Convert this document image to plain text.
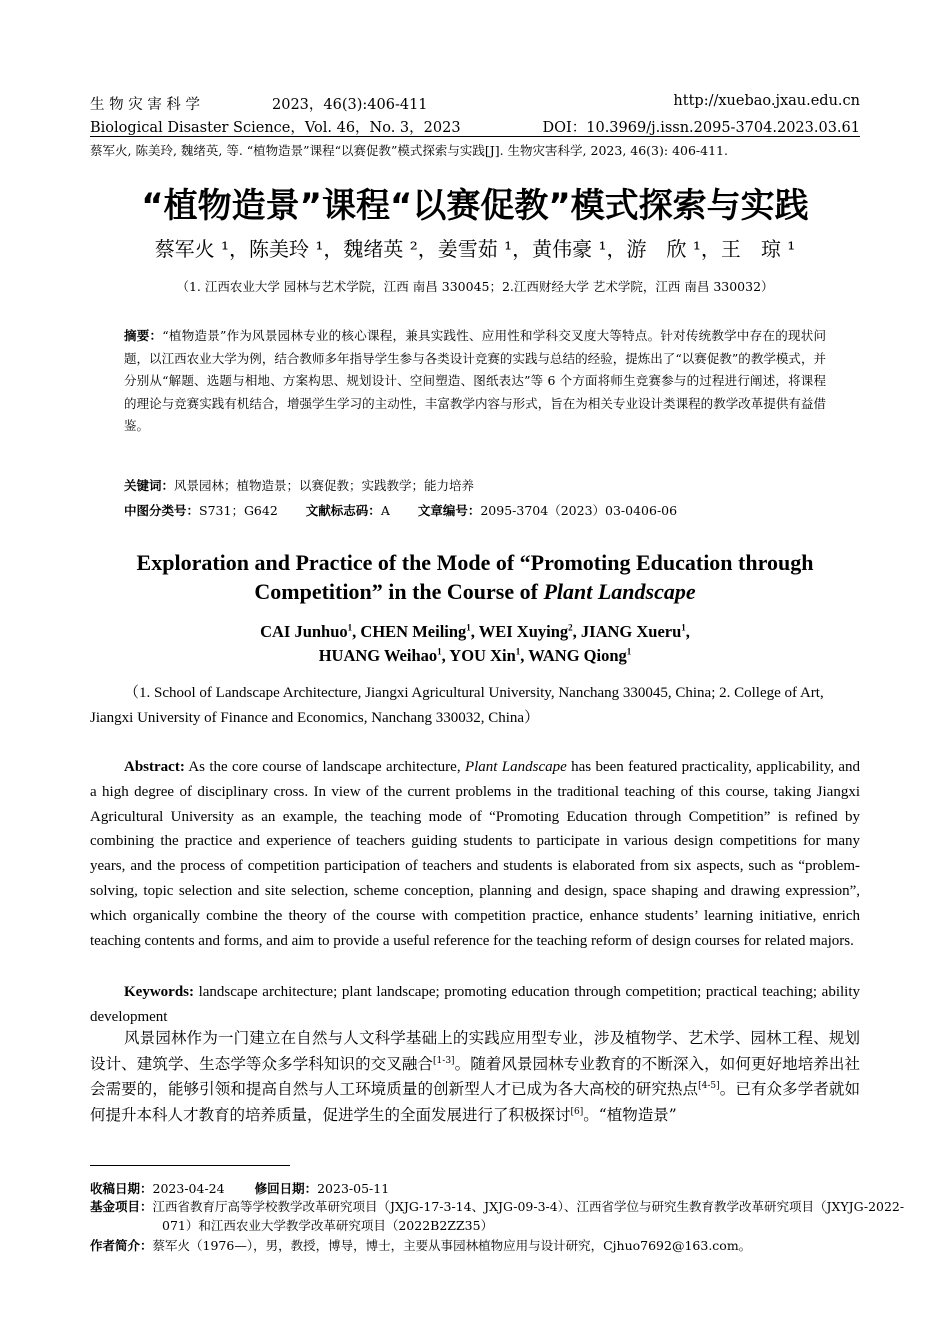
生 物 灾 害 科 学	2023，46(3):406-411	http://xuebao.jxau.edu.cn
Biological Disaster Science，Vol. 46，No. 3，2023	DOI：10.3969/j.issn.2095-3704.2023.03.61
蔡军火, 陈美玲, 魏绪英, 等. “植物造景”课程“以赛促教”模式探索与实践[J]. 生物灾害科学, 2023, 46(3): 406-411.
“植物造景”课程“以赛促教”模式探索与实践
蔡军火 ¹，陈美玲 ¹，魏绪英 ²，姜雪茹 ¹，黄伟豪 ¹，游　欣 ¹，王　琼 ¹
（1. 江西农业大学 园林与艺术学院，江西 南昌 330045；2.江西财经大学 艺术学院，江西 南昌 330032）
摘要：“植物造景”作为风景园林专业的核心课程，兼具实践性、应用性和学科交叉度大等特点。针对传统教学中存在的现状问题，以江西农业大学为例，结合教师多年指导学生参与各类设计竞赛的实践与总结的经验，提炼出了“以赛促教”的教学模式，并分别从“解题、选题与相地、方案构思、规划设计、空间塑造、图纸表达”等 6 个方面将师生竞赛参与的过程进行阐述，将课程的理论与竞赛实践有机结合，增强学生学习的主动性，丰富教学内容与形式，旨在为相关专业设计类课程的教学改革提供有益借鉴。
关键词：风景园林；植物造景；以赛促教；实践教学；能力培养
中图分类号：S731；G642 文献标志码：A 文章编号：2095-3704（2023）03-0406-06
Exploration and Practice of the Mode of “Promoting Education through
Competition” in the Course of Plant Landscape
CAI Junhuo$^1$, CHEN Meiling$^1$, WEI Xuying$^2$, JIANG Xueru$^1$,
HUANG Weihao$^1$, YOU Xin$^1$, WANG Qiong$^1$
（1. School of Landscape Architecture, Jiangxi Agricultural University, Nanchang 330045, China; 2. College of Art, Jiangxi University of Finance and Economics, Nanchang 330032, China）
Abstract: As the core course of landscape architecture, Plant Landscape has been featured practicality, applicability, and a high degree of disciplinary cross. In view of the current problems in the traditional teaching of this course, taking Jiangxi Agricultural University as an example, the teaching mode of “Promoting Education through Competition” is refined by combining the practice and experience of teachers guiding students to participate in various design competitions for many years, and the process of competition participation of teachers and students is elaborated from six aspects, such as “problem-solving, topic selection and site selection, scheme conception, planning and design, space shaping and drawing expression”, which organically combine the theory of the course with competition practice, enhance students’ learning initiative, enrich teaching contents and forms, and aim to provide a useful reference for the teaching reform of design courses for related majors.
Keywords: landscape architecture; plant landscape; promoting education through competition; practical teaching; ability development
风景园林作为一门建立在自然与人文科学基础上的实践应用型专业，涉及植物学、艺术学、园林工程、规划设计、建筑学、生态学等众多学科知识的交叉融合[1-3]。随着风景园林专业教育的不断深入，如何更好地培养出社会需要的，能够引领和提高自然与人工环境质量的创新型人才已成为各大高校的研究热点[4-5]。已有众多学者就如何提升本科人才教育的培养质量，促进学生的全面发展进行了积极探讨[6]。“植物造景”
收稿日期：2023-04-24 修回日期：2023-05-11
基金项目：江西省教育厅高等学校教学改革研究项目（JXJG-17-3-14、JXJG-09-3-4）、江西省学位与研究生教育教学改革研究项目（JXYJG-2022-071）和江西农业大学教学改革研究项目（2022B2ZZ35）
作者简介：蔡军火（1976—），男，教授，博导，博士，主要从事园林植物应用与设计研究，Cjhuo7692@163.com。
